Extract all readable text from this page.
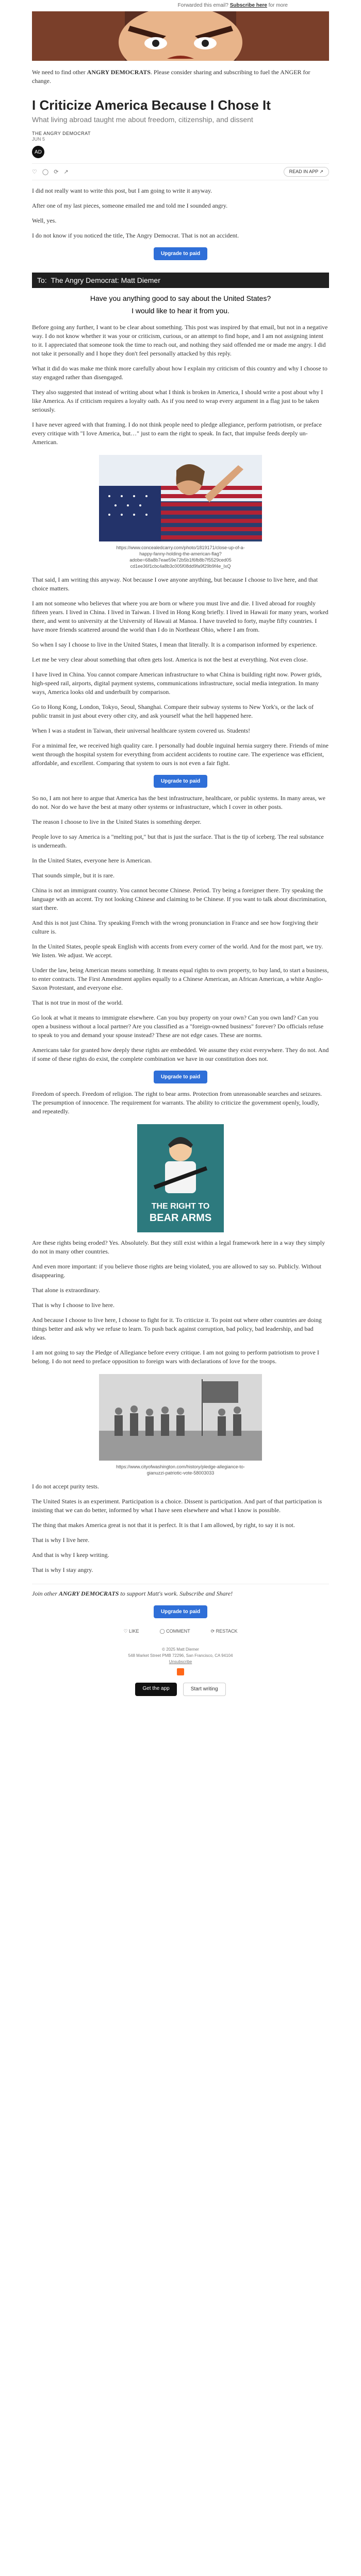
Forwarded this email? Subscribe here for more

We need to find other ANGRY DEMOCRATS. Please consider sharing and subscribing to fuel the ANGER for change.

I Criticize America Because I Chose It
What living abroad taught me about freedom, citizenship, and dissent
THE ANGRY DEMOCRAT
JUN 5
AD
♡ ◯ ⟳ ↗	READ IN APP ↗

I did not really want to write this post, but I am going to write it anyway.

After one of my last pieces, someone emailed me and told me I sounded angry.

Well, yes.

I do not know if you noticed the title, The Angry Democrat. That is not an accident.

Upgrade to paid
To: The Angry Democrat: Matt Diemer
Have you anything good to say about the United States?
I would like to hear it from you.

Before going any further, I want to be clear about something. This post was inspired by that email, but not in a negative way. I do not know whether it was your or criticism, curious, or an attempt to find hope, and I am not assigning intent to it. I appreciated that someone took the time to reach out, and nothing they said offended me or made me angry. I did not take it personally and I hope they don't feel personally attacked by this reply.

What it did do was make me think more carefully about how I explain my criticism of this country and why I choose to stay engaged rather than disengaged.

They also suggested that instead of writing about what I think is broken in America, I should write a post about why I like America. As if criticism requires a loyalty oath. As if you need to wrap every argument in a flag just to be taken seriously.

I have never agreed with that framing. I do not think people need to pledge allegiance, perform patriotism, or preface every critique with "I love America, but…" just to earn the right to speak. In fact, that impulse feeds deeply un-American.

https://www.concealedcarry.com/photo/1819171/close-up-of-a-
happy-fanny-holding-the-american-flag?
adobe=68a8b7eae59e72b5b1f6fb8b7f5529ced05
cd1ee36f1cbc4a8b3c005f08dd9fa9f29b9f4e_IxQ

That said, I am writing this anyway. Not because I owe anyone anything, but because I choose to live here, and that choice matters.

I am not someone who believes that where you are born or where you must live and die. I lived abroad for roughly fifteen years. I lived in China. I lived in Taiwan. I lived in Hong Kong briefly. I lived in Hawaii for many years, worked there, and went to university at the University of Hawaii at Manoa. I have traveled to forty, maybe fifty countries. I have more friends scattered around the world than I do in Northeast Ohio, where I am from.

So when I say I choose to live in the United States, I mean that literally. It is a comparison informed by experience.

Let me be very clear about something that often gets lost. America is not the best at everything. Not even close.

I have lived in China. You cannot compare American infrastructure to what China is building right now. Power grids, high-speed rail, airports, digital payment systems, communications infrastructure, social media integration. In many ways, America looks old and underbuilt by comparison.

Go to Hong Kong, London, Tokyo, Seoul, Shanghai. Compare their subway systems to New York's, or the lack of public transit in just about every other city, and ask yourself what the hell happened here.

When I was a student in Taiwan, their universal healthcare system covered us. Students!

For a minimal fee, we received high quality care. I personally had double inguinal hernia surgery there. Friends of mine went through the hospital system for everything from accident accidents to routine care. The experience was efficient, affordable, and excellent. Comparing that system to ours is not even a fair fight.

Upgrade to paid

So no, I am not here to argue that America has the best infrastructure, healthcare, or public systems. In many areas, we do not. Nor do we have the best at many other systems or infrastructure, which I cover in other posts.

The reason I choose to live in the United States is something deeper.

People love to say America is a "melting pot," but that is just the surface. That is the tip of iceberg. The real substance is underneath.

In the United States, everyone here is American.

That sounds simple, but it is rare.

China is not an immigrant country. You cannot become Chinese. Period. Try being a foreigner there. Try speaking the language with an accent. Try not looking Chinese and claiming to be Chinese. If you want to talk about discrimination, start there.

And this is not just China. Try speaking French with the wrong pronunciation in France and see how forgiving their culture is.

In the United States, people speak English with accents from every corner of the world. And for the most part, we try. We listen. We adjust. We accept.

Under the law, being American means something. It means equal rights to own property, to buy land, to start a business, to enter contracts. The First Amendment applies equally to a Chinese American, an African American, a white Anglo-Saxon Protestant, and everyone else.

That is not true in most of the world.

Go look at what it means to immigrate elsewhere. Can you buy property on your own? Can you own land? Can you open a business without a local partner? Are you classified as a "foreign-owned business" forever? Do officials refuse to speak to you and demand your spouse instead? These are not edge cases. These are norms.

Americans take for granted how deeply these rights are embedded. We assume they exist everywhere. They do not. And if some of these rights do exist, the complete combination we have in our constitution does not.

Upgrade to paid

Freedom of speech. Freedom of religion. The right to bear arms. Protection from unreasonable searches and seizures. The presumption of innocence. The requirement for warrants. The ability to criticize the government openly, loudly, and repeatedly.

THE RIGHT TO
BEAR ARMS

Are these rights being eroded? Yes. Absolutely. But they still exist within a legal framework here in a way they simply do not in many other countries.

And even more important: if you believe those rights are being violated, you are allowed to say so. Publicly. Without disappearing.

That alone is extraordinary.

That is why I choose to live here.

And because I choose to live here, I choose to fight for it. To criticize it. To point out where other countries are doing things better and ask why we refuse to learn. To push back against corruption, bad policy, bad leadership, and bad ideas.

I am not going to say the Pledge of Allegiance before every critique. I am not going to perform patriotism to prove I belong. I do not need to preface opposition to foreign wars with declarations of love for the troops.

https://www.cityofwashington.com/history/pledge-allegiance-to-
gianuzzi-patriotic-vote-58003033

I do not accept purity tests.

The United States is an experiment. Participation is a choice. Dissent is participation. And part of that participation is insisting that we can do better, informed by what I have seen elsewhere and what I know is possible.

The thing that makes America great is not that it is perfect. It is that I am allowed, by right, to say it is not.

That is why I live here.

And that is why I keep writing.

That is why I stay angry.

Join other ANGRY DEMOCRATS to support Matt's work. Subscribe and Share!

Upgrade to paid
♡ LIKE	◯ COMMENT	⟳ RESTACK
© 2025 Matt Diemer
548 Market Street PMB 72296, San Francisco, CA 94104
Unsubscribe
Get the app	Start writing
